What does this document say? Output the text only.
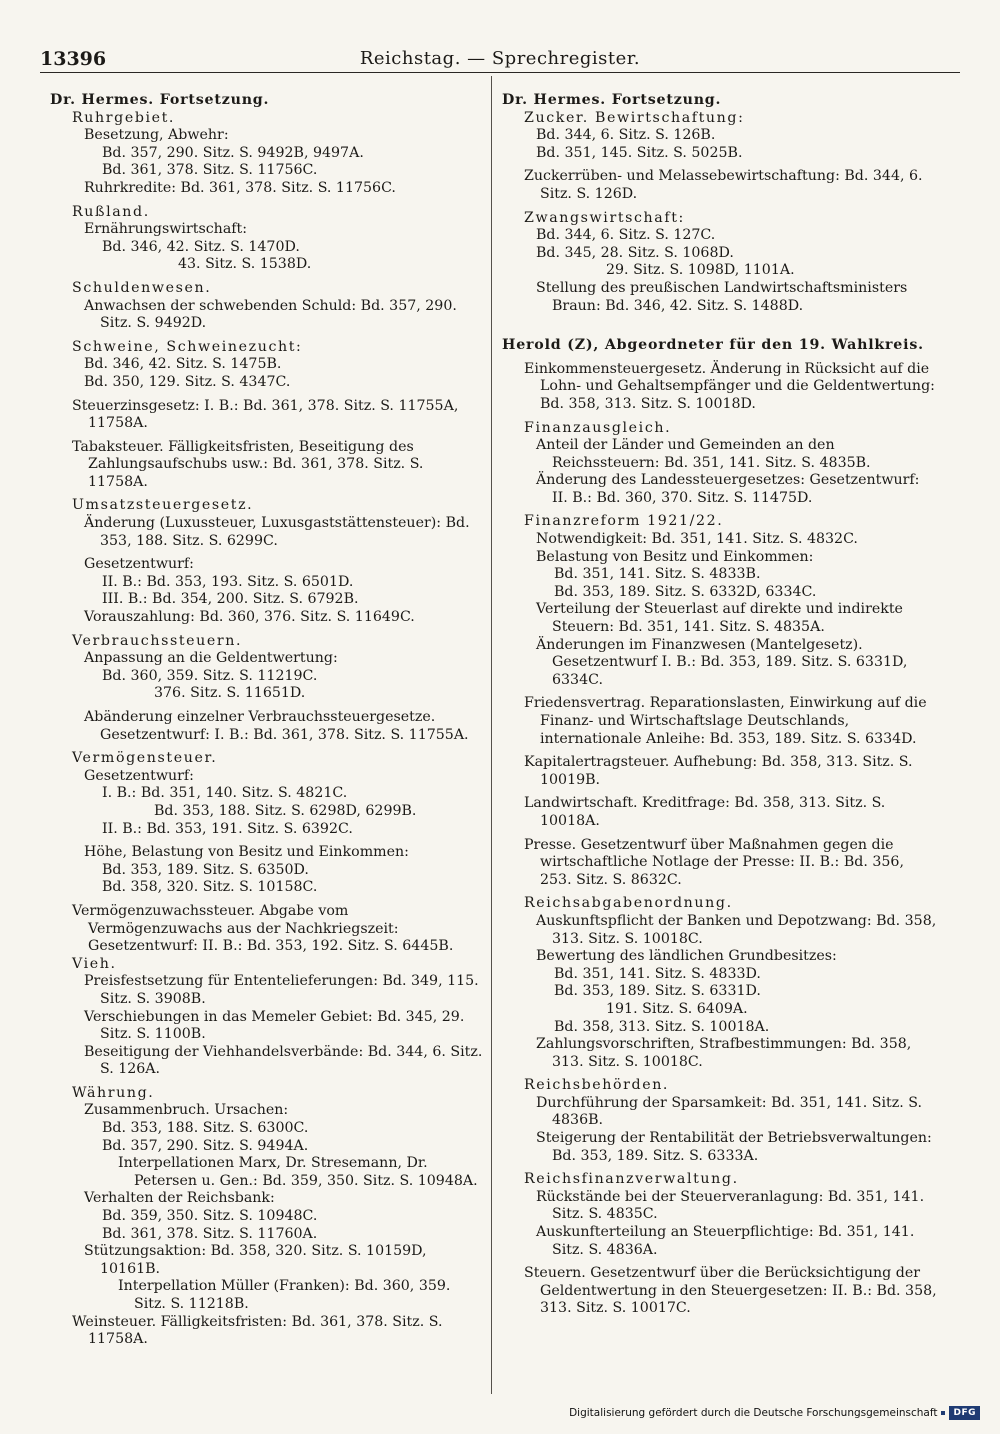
13396	Reichstag. — Sprechregister.
Dr. Hermes. Fortsetzung.
Ruhrgebiet.
Besetzung, Abwehr:
Bd. 357, 290. Sitz. S. 9492B, 9497A.
Bd. 361, 378. Sitz. S. 11756C.
Ruhrkredite: Bd. 361, 378. Sitz. S. 11756C.
Rußland.
Ernährungswirtschaft:
Bd. 346, 42. Sitz. S. 1470D.
43. Sitz. S. 1538D.
Schuldenwesen.
Anwachsen der schwebenden Schuld: Bd. 357, 290. Sitz. S. 9492D.
Schweine, Schweinezucht:
Bd. 346, 42. Sitz. S. 1475B.
Bd. 350, 129. Sitz. S. 4347C.
Steuerzinsgesetz: I. B.: Bd. 361, 378. Sitz. S. 11755A, 11758A.
Tabaksteuer. Fälligkeitsfristen, Beseitigung des Zahlungsaufschubs usw.: Bd. 361, 378. Sitz. S. 11758A.
Umsatzsteuergesetz.
Änderung (Luxussteuer, Luxusgaststättensteuer): Bd. 353, 188. Sitz. S. 6299C.
Gesetzentwurf:
II. B.: Bd. 353, 193. Sitz. S. 6501D.
III. B.: Bd. 354, 200. Sitz. S. 6792B.
Vorauszahlung: Bd. 360, 376. Sitz. S. 11649C.
Verbrauchssteuern.
Anpassung an die Geldentwertung:
Bd. 360, 359. Sitz. S. 11219C.
376. Sitz. S. 11651D.
Abänderung einzelner Verbrauchssteuergesetze. Gesetzentwurf: I. B.: Bd. 361, 378. Sitz. S. 11755A.
Vermögensteuer.
Gesetzentwurf:
I. B.: Bd. 351, 140. Sitz. S. 4821C.
Bd. 353, 188. Sitz. S. 6298D, 6299B.
II. B.: Bd. 353, 191. Sitz. S. 6392C.
Höhe, Belastung von Besitz und Einkommen:
Bd. 353, 189. Sitz. S. 6350D.
Bd. 358, 320. Sitz. S. 10158C.
Vermögenzuwachssteuer. Abgabe vom Vermögenzuwachs aus der Nachkriegszeit: Gesetzentwurf: II. B.: Bd. 353, 192. Sitz. S. 6445B.
Vieh.
Preisfestsetzung für Ententelieferungen: Bd. 349, 115. Sitz. S. 3908B.
Verschiebungen in das Memeler Gebiet: Bd. 345, 29. Sitz. S. 1100B.
Beseitigung der Viehhandelsverbände: Bd. 344, 6. Sitz. S. 126A.
Währung.
Zusammenbruch. Ursachen:
Bd. 353, 188. Sitz. S. 6300C.
Bd. 357, 290. Sitz. S. 9494A.
Interpellationen Marx, Dr. Stresemann, Dr. Petersen u. Gen.: Bd. 359, 350. Sitz. S. 10948A.
Verhalten der Reichsbank:
Bd. 359, 350. Sitz. S. 10948C.
Bd. 361, 378. Sitz. S. 11760A.
Stützungsaktion: Bd. 358, 320. Sitz. S. 10159D, 10161B.
Interpellation Müller (Franken): Bd. 360, 359. Sitz. S. 11218B.
Weinsteuer. Fälligkeitsfristen: Bd. 361, 378. Sitz. S. 11758A.
Dr. Hermes. Fortsetzung.
Zucker. Bewirtschaftung:
Bd. 344, 6. Sitz. S. 126B.
Bd. 351, 145. Sitz. S. 5025B.
Zuckerrüben- und Melassebewirtschaftung: Bd. 344, 6. Sitz. S. 126D.
Zwangswirtschaft:
Bd. 344, 6. Sitz. S. 127C.
Bd. 345, 28. Sitz. S. 1068D.
29. Sitz. S. 1098D, 1101A.
Stellung des preußischen Landwirtschaftsministers Braun: Bd. 346, 42. Sitz. S. 1488D.
Herold (Z), Abgeordneter für den 19. Wahlkreis.
Einkommensteuergesetz. Änderung in Rücksicht auf die Lohn- und Gehaltsempfänger und die Geldentwertung: Bd. 358, 313. Sitz. S. 10018D.
Finanzausgleich.
Anteil der Länder und Gemeinden an den Reichssteuern: Bd. 351, 141. Sitz. S. 4835B.
Änderung des Landessteuergesetzes: Gesetzentwurf: II. B.: Bd. 360, 370. Sitz. S. 11475D.
Finanzreform 1921/22.
Notwendigkeit: Bd. 351, 141. Sitz. S. 4832C.
Belastung von Besitz und Einkommen:
Bd. 351, 141. Sitz. S. 4833B.
Bd. 353, 189. Sitz. S. 6332D, 6334C.
Verteilung der Steuerlast auf direkte und indirekte Steuern: Bd. 351, 141. Sitz. S. 4835A.
Änderungen im Finanzwesen (Mantelgesetz). Gesetzentwurf I. B.: Bd. 353, 189. Sitz. S. 6331D, 6334C.
Friedensvertrag. Reparationslasten, Einwirkung auf die Finanz- und Wirtschaftslage Deutschlands, internationale Anleihe: Bd. 353, 189. Sitz. S. 6334D.
Kapitalertragsteuer. Aufhebung: Bd. 358, 313. Sitz. S. 10019B.
Landwirtschaft. Kreditfrage: Bd. 358, 313. Sitz. S. 10018A.
Presse. Gesetzentwurf über Maßnahmen gegen die wirtschaftliche Notlage der Presse: II. B.: Bd. 356, 253. Sitz. S. 8632C.
Reichsabgabenordnung.
Auskunftspflicht der Banken und Depotzwang: Bd. 358, 313. Sitz. S. 10018C.
Bewertung des ländlichen Grundbesitzes:
Bd. 351, 141. Sitz. S. 4833D.
Bd. 353, 189. Sitz. S. 6331D.
191. Sitz. S. 6409A.
Bd. 358, 313. Sitz. S. 10018A.
Zahlungsvorschriften, Strafbestimmungen: Bd. 358, 313. Sitz. S. 10018C.
Reichsbehörden.
Durchführung der Sparsamkeit: Bd. 351, 141. Sitz. S. 4836B.
Steigerung der Rentabilität der Betriebsverwaltungen: Bd. 353, 189. Sitz. S. 6333A.
Reichsfinanzverwaltung.
Rückstände bei der Steuerveranlagung: Bd. 351, 141. Sitz. S. 4835C.
Auskunfterteilung an Steuerpflichtige: Bd. 351, 141. Sitz. S. 4836A.
Steuern. Gesetzentwurf über die Berücksichtigung der Geldentwertung in den Steuergesetzen: II. B.: Bd. 358, 313. Sitz. S. 10017C.
Digitalisierung gefördert durch die Deutsche Forschungsgemeinschaft	DFG
